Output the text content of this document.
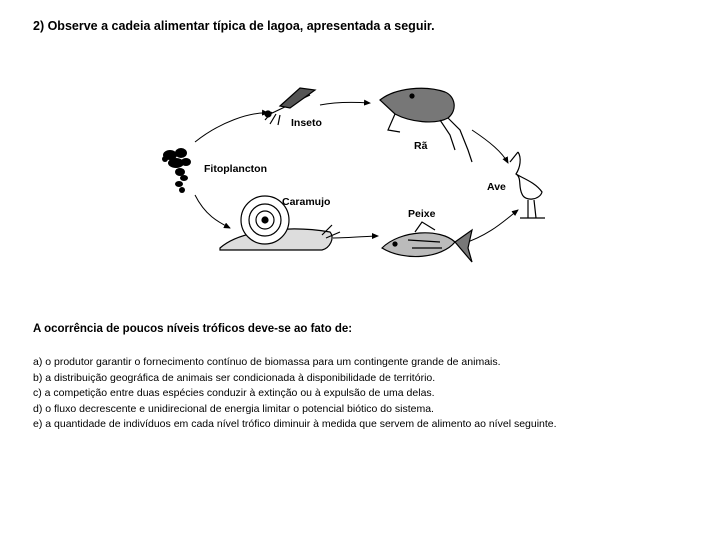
2) Observe a cadeia alimentar típica de lagoa, apresentada a seguir.
Inseto
Rã
Fitoplancton
Ave
Caramujo
Peixe
A ocorrência de poucos níveis tróficos deve-se ao fato de:
a) o produtor garantir o fornecimento contínuo de biomassa para um contingente grande de animais.
b) a distribuição geográfica de animais ser condicionada à disponibilidade de território.
c) a competição entre duas espécies conduzir à extinção ou à expulsão de uma delas.
d) o fluxo decrescente e unidirecional de energia limitar o potencial biótico do sistema.
e) a quantidade de indivíduos em cada nível trófico diminuir à medida que servem de alimento ao nível seguinte.
